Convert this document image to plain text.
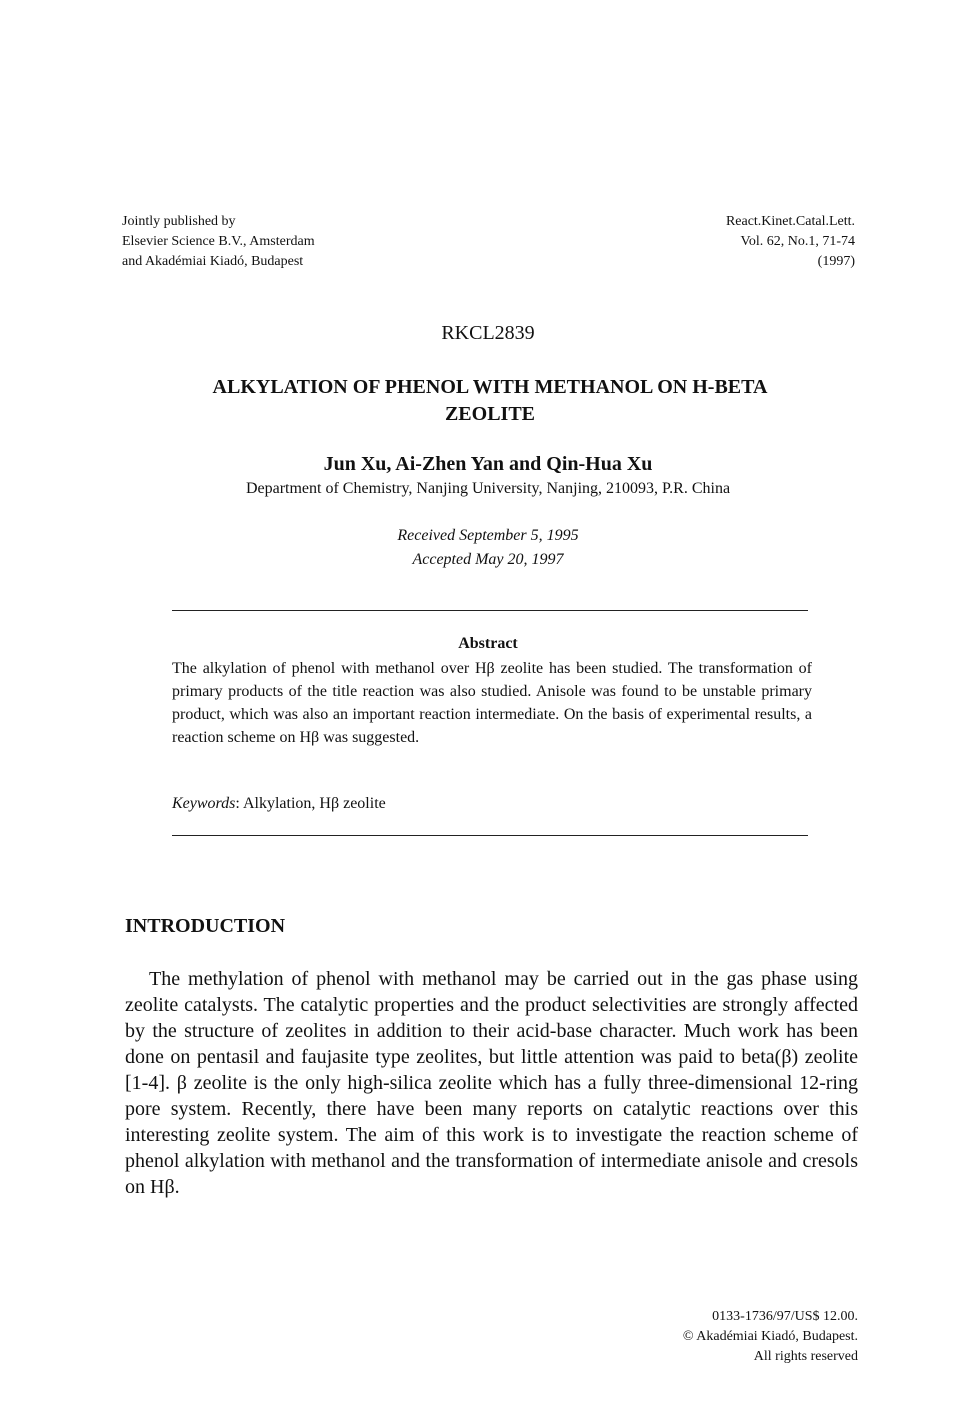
Jointly published by
Elsevier Science B.V., Amsterdam
and Akadémiai Kiadó, Budapest
React.Kinet.Catal.Lett.
Vol. 62, No.1, 71-74
(1997)
RKCL2839
ALKYLATION OF PHENOL WITH METHANOL ON H-BETA
ZEOLITE
Jun Xu, Ai-Zhen Yan and Qin-Hua Xu
Department of Chemistry, Nanjing University, Nanjing, 210093, P.R. China
Received September 5, 1995
Accepted May 20, 1997
Abstract
The alkylation of phenol with methanol over Hβ zeolite has been studied. The transformation of primary products of the title reaction was also studied. Anisole was found to be unstable primary product, which was also an important reaction intermediate. On the basis of experimental results, a reaction scheme on Hβ was suggested.
Keywords: Alkylation, Hβ zeolite
INTRODUCTION
The methylation of phenol with methanol may be carried out in the gas phase using zeolite catalysts. The catalytic properties and the product selectivities are strongly affected by the structure of zeolites in addition to their acid-base character. Much work has been done on pentasil and faujasite type zeolites, but little attention was paid to beta(β) zeolite [1-4]. β zeolite is the only high-silica zeolite which has a fully three-dimensional 12-ring pore system. Recently, there have been many reports on catalytic reactions over this interesting zeolite system. The aim of this work is to investigate the reaction scheme of phenol alkylation with methanol and the transformation of intermediate anisole and cresols on Hβ.
0133-1736/97/US$ 12.00.
© Akadémiai Kiadó, Budapest.
All rights reserved
